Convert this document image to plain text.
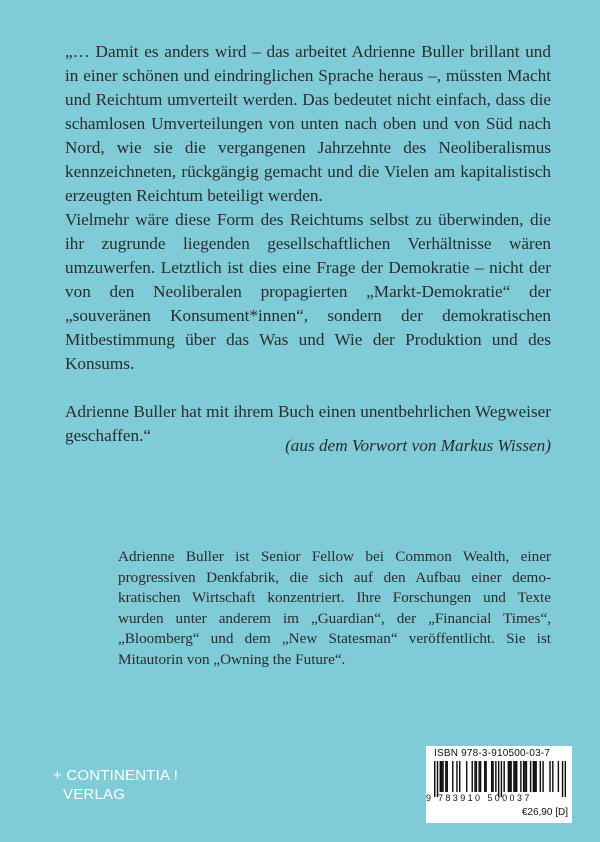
„… Damit es anders wird – das arbeitet Adrienne Buller brillant und in einer schönen und eindringlichen Sprache heraus –, müssten Macht und Reichtum umverteilt werden. Das bedeutet nicht einfach, dass die schamlosen Umverteilungen von unten nach oben und von Süd nach Nord, wie sie die vergangenen Jahrzehnte des Neoliberalismus kennzeichneten, rückgängig gemacht und die Vielen am kapitalistisch erzeugten Reichtum beteiligt werden.

Vielmehr wäre diese Form des Reichtums selbst zu überwinden, die ihr zugrunde liegenden gesellschaftlichen Verhältnisse wären umzuwerfen. Letztlich ist dies eine Frage der Demokratie – nicht der von den Neoliberalen propagierten „Markt-Demokratie“ der „souveränen Konsument*innen“, sondern der demokratischen Mitbestimmung über das Was und Wie der Produktion und des Konsums.

Adrienne Buller hat mit ihrem Buch einen unentbehrlichen Wegweiser geschaffen.“

(aus dem Vorwort von Markus Wissen)
Adrienne Buller ist Senior Fellow bei Common Wealth, einer progressiven Denkfabrik, die sich auf den Aufbau einer demokratischen Wirtschaft konzentriert. Ihre Forschungen und Texte wurden unter anderem im „Guardian“, der „Financial Times“, „Bloomberg“ und dem „New Statesman“ veröffentlicht. Sie ist Mitautorin von „Owning the Future“.
+ CONTINENTIA !
VERLAG
ISBN 978-3-910500-03-7
9 783910 500037
€26,90 [D]
